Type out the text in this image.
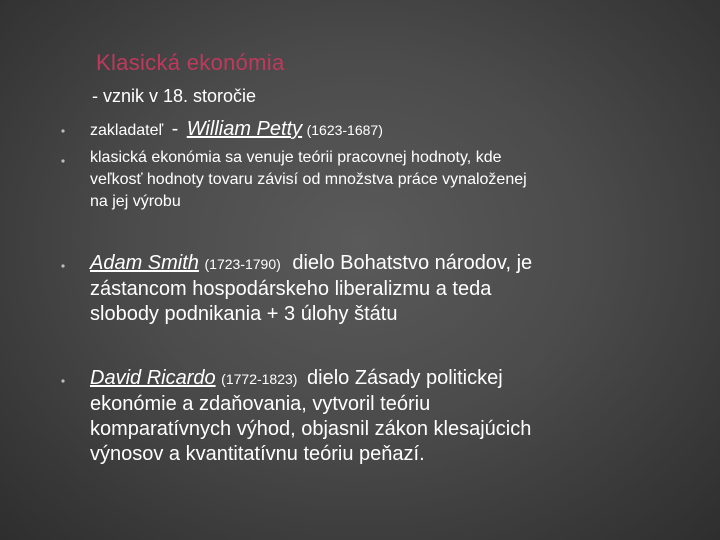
Klasická ekonómia
- vznik v 18. storočie
zakladateľ - William Petty (1623-1687)
klasická ekonómia sa venuje teórii pracovnej hodnoty, kde
veľkosť hodnoty tovaru závisí od množstva práce vynaloženej
na jej výrobu
Adam Smith (1723-1790) dielo Bohatstvo národov, je
zástancom hospodárskeho liberalizmu a teda
slobody podnikania + 3 úlohy štátu
David Ricardo (1772-1823) dielo Zásady politickej
ekonómie a zdaňovania, vytvoril teóriu
komparatívnych výhod, objasnil zákon klesajúcich
výnosov a kvantitatívnu teóriu peňazí.
